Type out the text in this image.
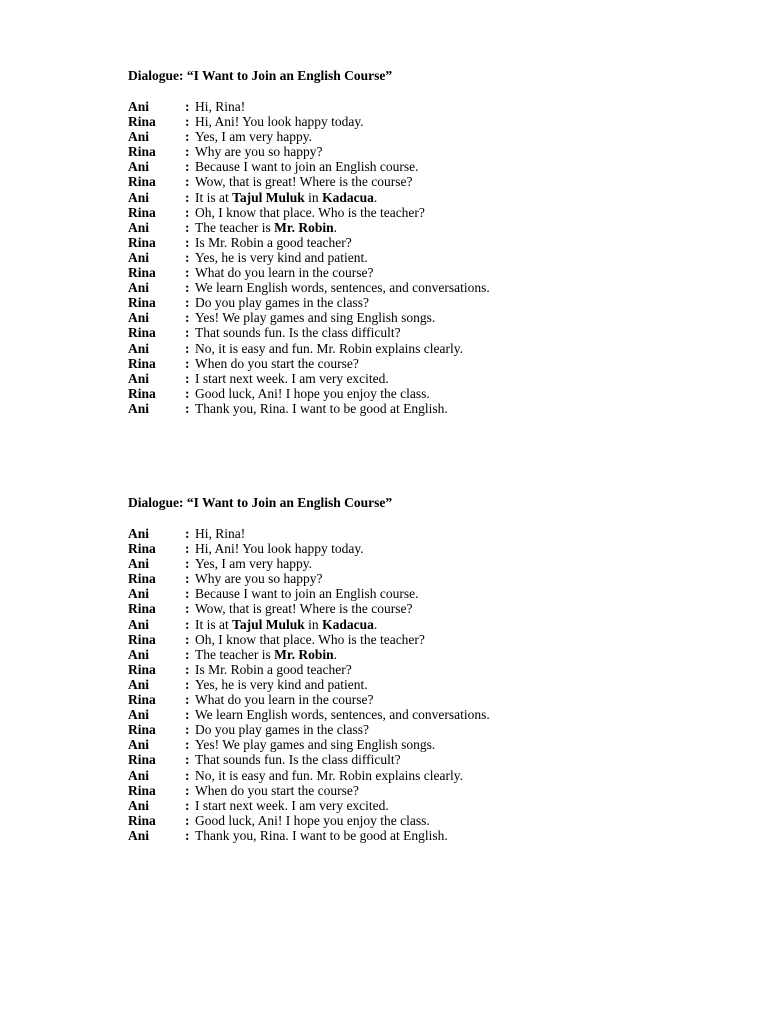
Dialogue: “I Want to Join an English Course”
Ani	: Hi, Rina!
Rina : Hi, Ani! You look happy today.
Ani	: Yes, I am very happy.
Rina : Why are you so happy?
Ani	: Because I want to join an English course.
Rina : Wow, that is great! Where is the course?
Ani	: It is at Tajul Muluk in Kadacua.
Rina : Oh, I know that place. Who is the teacher?
Ani	: The teacher is Mr. Robin.
Rina : Is Mr. Robin a good teacher?
Ani	: Yes, he is very kind and patient.
Rina : What do you learn in the course?
Ani	: We learn English words, sentences, and conversations.
Rina : Do you play games in the class?
Ani	: Yes! We play games and sing English songs.
Rina : That sounds fun. Is the class difficult?
Ani	: No, it is easy and fun. Mr. Robin explains clearly.
Rina : When do you start the course?
Ani	: I start next week. I am very excited.
Rina : Good luck, Ani! I hope you enjoy the class.
Ani	: Thank you, Rina. I want to be good at English.
Dialogue: “I Want to Join an English Course”
Ani	: Hi, Rina!
Rina : Hi, Ani! You look happy today.
Ani	: Yes, I am very happy.
Rina : Why are you so happy?
Ani	: Because I want to join an English course.
Rina : Wow, that is great! Where is the course?
Ani	: It is at Tajul Muluk in Kadacua.
Rina : Oh, I know that place. Who is the teacher?
Ani	: The teacher is Mr. Robin.
Rina : Is Mr. Robin a good teacher?
Ani	: Yes, he is very kind and patient.
Rina : What do you learn in the course?
Ani	: We learn English words, sentences, and conversations.
Rina : Do you play games in the class?
Ani	: Yes! We play games and sing English songs.
Rina : That sounds fun. Is the class difficult?
Ani	: No, it is easy and fun. Mr. Robin explains clearly.
Rina : When do you start the course?
Ani	: I start next week. I am very excited.
Rina : Good luck, Ani! I hope you enjoy the class.
Ani	: Thank you, Rina. I want to be good at English.
